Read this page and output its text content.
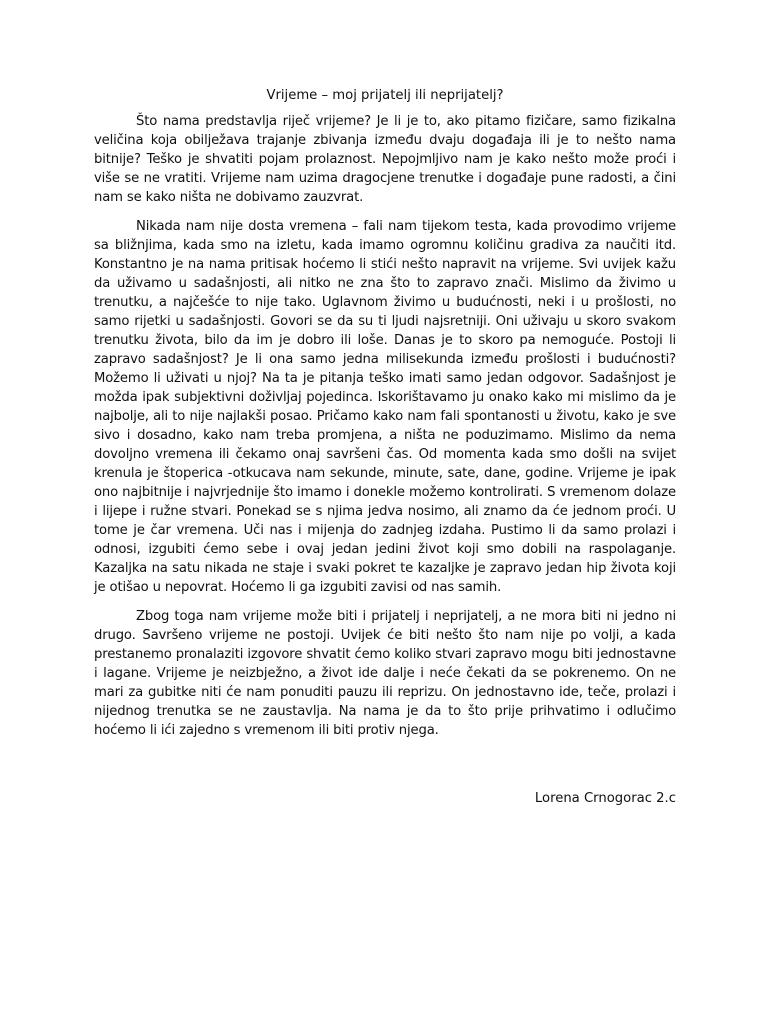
Vrijeme – moj prijatelj ili neprijatelj?

Što nama predstavlja riječ vrijeme? Je li je to, ako pitamo fizičare, samo fizikalna veličina koja obilježava trajanje zbivanja između dvaju događaja ili je to nešto nama bitnije? Teško je shvatiti pojam prolaznost. Nepojmljivo nam je kako nešto može proći i više se ne vratiti. Vrijeme nam uzima dragocjene trenutke i događaje pune radosti, a čini nam se kako ništa ne dobivamo zauzvrat.

Nikada nam nije dosta vremena – fali nam tijekom testa, kada provodimo vrijeme sa bližnjima, kada smo na izletu, kada imamo ogromnu količinu gradiva za naučiti itd. Konstantno je na nama pritisak hoćemo li stići nešto napravit na vrijeme. Svi uvijek kažu da uživamo u sadašnjosti, ali nitko ne zna što to zapravo znači. Mislimo da živimo u trenutku, a najčešće to nije tako. Uglavnom živimo u budućnosti, neki i u prošlosti, no samo rijetki u sadašnjosti. Govori se da su ti ljudi najsretniji. Oni uživaju u skoro svakom trenutku života, bilo da im je dobro ili loše. Danas je to skoro pa nemoguće. Postoji li zapravo sadašnjost? Je li ona samo jedna milisekunda između prošlosti i budućnosti? Možemo li uživati u njoj? Na ta je pitanja teško imati samo jedan odgovor. Sadašnjost je možda ipak subjektivni doživljaj pojedinca. Iskorištavamo ju onako kako mi mislimo da je najbolje, ali to nije najlakši posao. Pričamo kako nam fali spontanosti u životu, kako je sve sivo i dosadno, kako nam treba promjena, a ništa ne poduzimamo. Mislimo da nema dovoljno vremena ili čekamo onaj savršeni čas. Od momenta kada smo došli na svijet krenula je štoperica -otkucava nam sekunde, minute, sate, dane, godine. Vrijeme je ipak ono najbitnije i najvrjednije što imamo i donekle možemo kontrolirati. S vremenom dolaze i lijepe i ružne stvari. Ponekad se s njima jedva nosimo, ali znamo da će jednom proći. U tome je čar vremena. Uči nas i mijenja do zadnjeg izdaha. Pustimo li da samo prolazi i odnosi, izgubiti ćemo sebe i ovaj jedan jedini život koji smo dobili na raspolaganje. Kazaljka na satu nikada ne staje i svaki pokret te kazaljke je zapravo jedan hip života koji je otišao u nepovrat. Hoćemo li ga izgubiti zavisi od nas samih.

Zbog toga nam vrijeme može biti i prijatelj i neprijatelj, a ne mora biti ni jedno ni drugo. Savršeno vrijeme ne postoji. Uvijek će biti nešto što nam nije po volji, a kada prestanemo pronalaziti izgovore shvatit ćemo koliko stvari zapravo mogu biti jednostavne i lagane. Vrijeme je neizbježno, a život ide dalje i neće čekati da se pokrenemo. On ne mari za gubitke niti će nam ponuditi pauzu ili reprizu. On jednostavno ide, teče, prolazi i nijednog trenutka se ne zaustavlja. Na nama je da to što prije prihvatimo i odlučimo hoćemo li ići zajedno s vremenom ili biti protiv njega.

Lorena Crnogorac 2.c
